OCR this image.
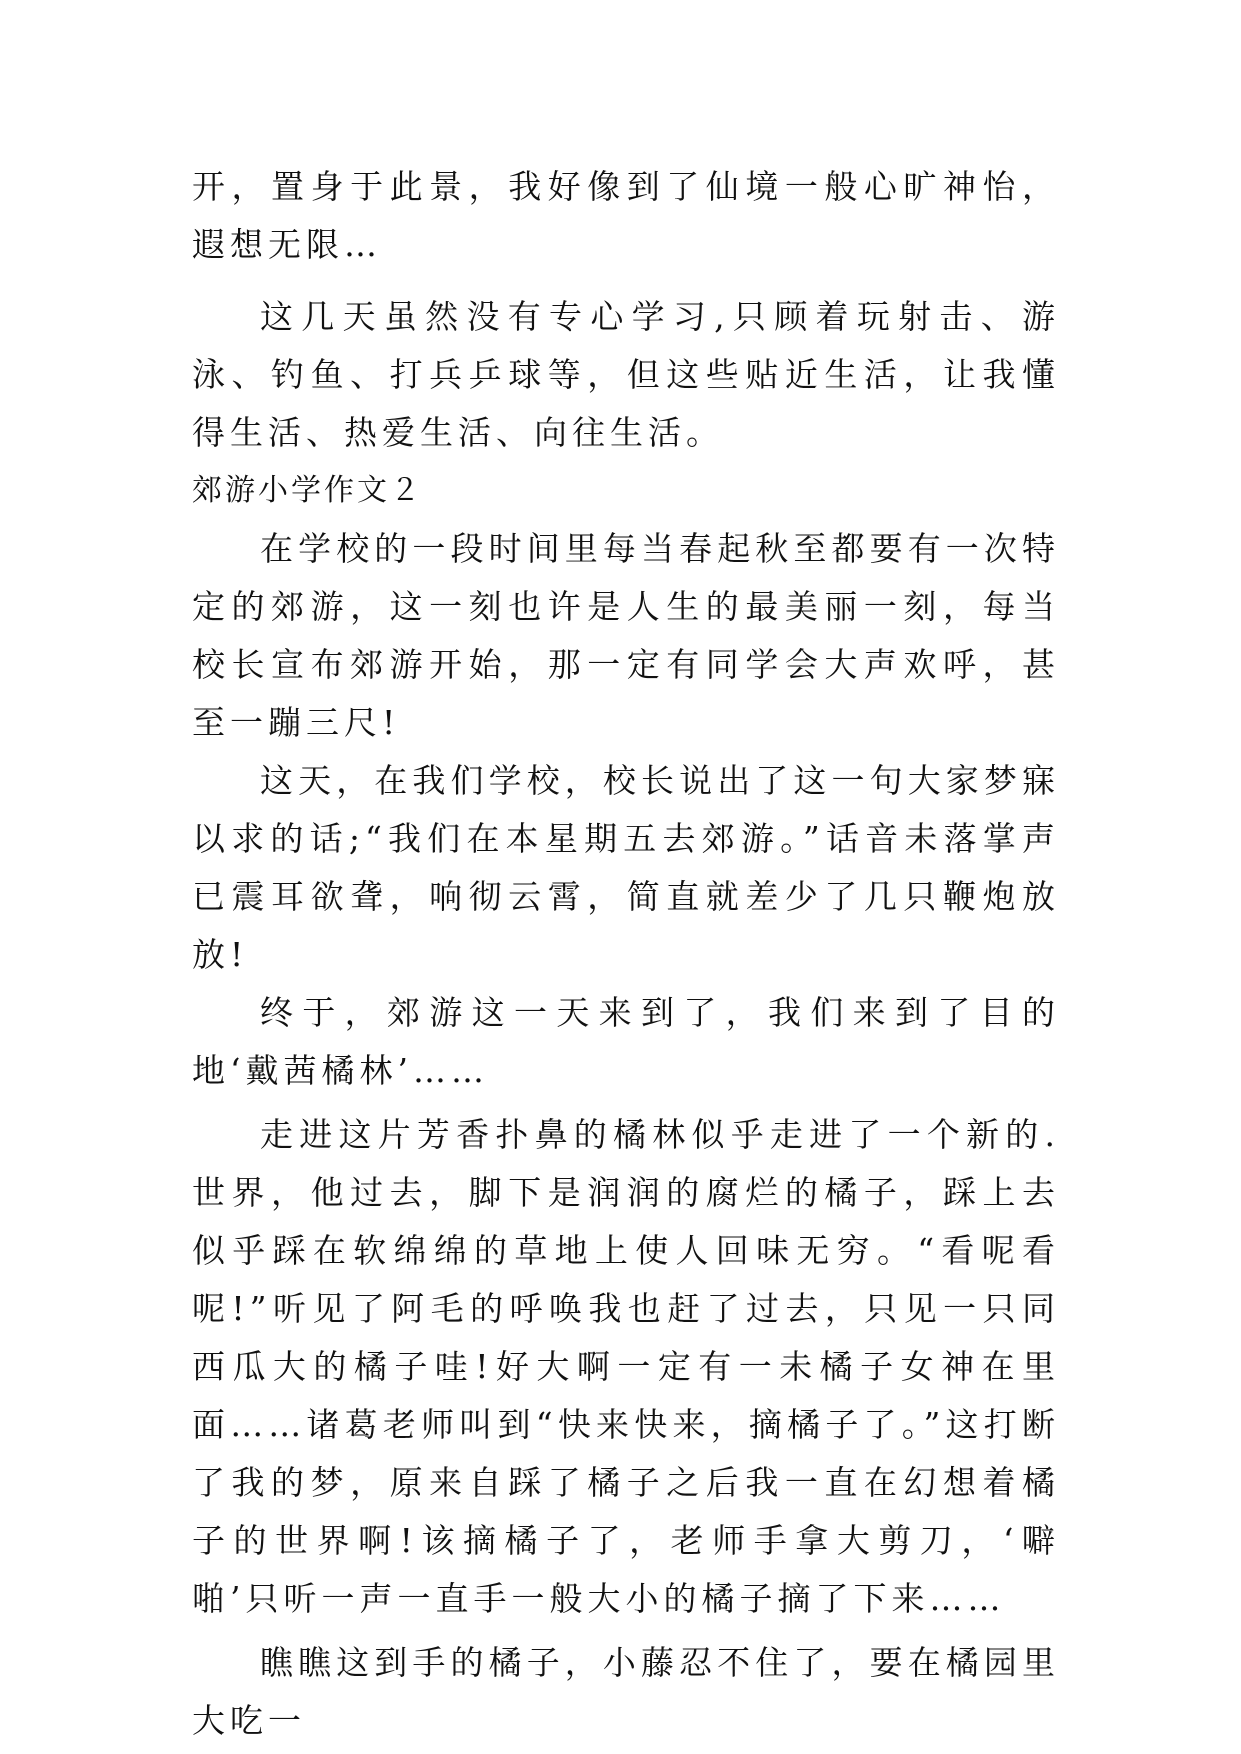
开，置身于此景，我好像到了仙境一般心旷神怡，遐想无限…

这几天虽然没有专心学习,只顾着玩射击、游泳、钓鱼、打兵乒球等，但这些贴近生活，让我懂得生活、热爱生活、向往生活。

郊游小学作文２

在学校的一段时间里每当春起秋至都要有一次特定的郊游，这一刻也许是人生的最美丽一刻，每当校长宣布郊游开始，那一定有同学会大声欢呼，甚至一蹦三尺!

这天，在我们学校，校长说出了这一句大家梦寐以求的话;“我们在本星期五去郊游。”话音未落掌声已震耳欲聋，响彻云霄，简直就差少了几只鞭炮放放!

终于，郊游这一天来到了，我们来到了目的地‘戴茜橘林’……

走进这片芳香扑鼻的橘林似乎走进了一个新的.世界，他过去，脚下是润润的腐烂的橘子，踩上去似乎踩在软绵绵的草地上使人回味无穷。“看呢看呢!”听见了阿毛的呼唤我也赶了过去，只见一只同西瓜大的橘子哇!好大啊一定有一未橘子女神在里面……诸葛老师叫到“快来快来，摘橘子了。”这打断了我的梦，原来自踩了橘子之后我一直在幻想着橘子的世界啊!该摘橘子了，老师手拿大剪刀，‘噼啪’只听一声一直手一般大小的橘子摘了下来……

瞧瞧这到手的橘子，小藤忍不住了，要在橘园里大吃一
